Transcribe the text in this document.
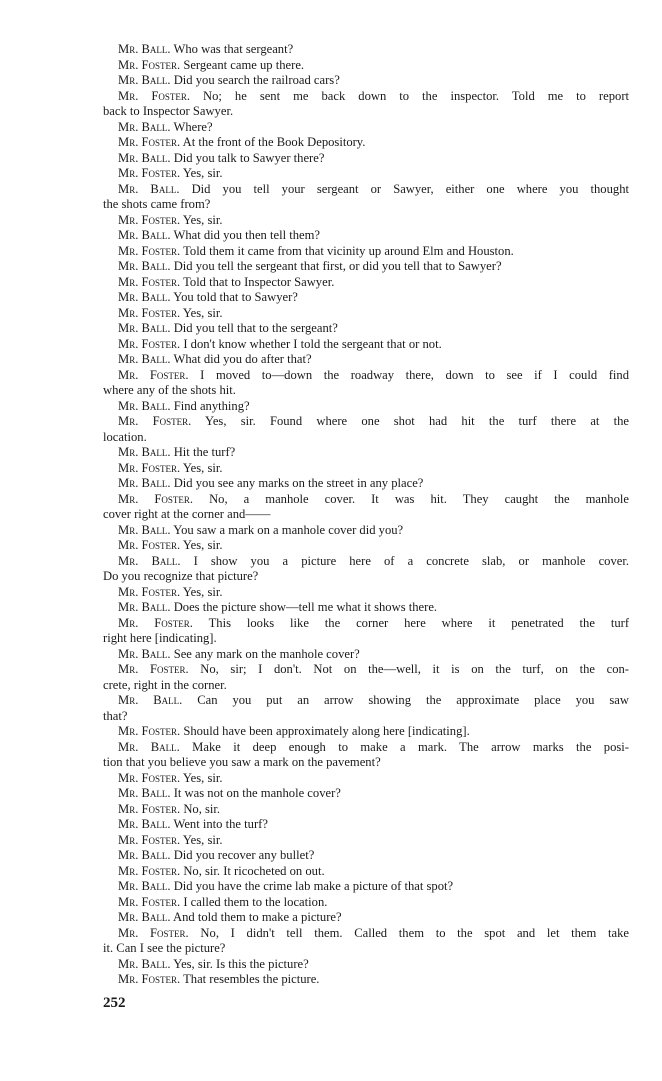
Mr. Ball. Who was that sergeant?
Mr. Foster. Sergeant came up there.
Mr. Ball. Did you search the railroad cars?
Mr. Foster. No; he sent me back down to the inspector. Told me to report
back to Inspector Sawyer.
Mr. Ball. Where?
Mr. Foster. At the front of the Book Depository.
Mr. Ball. Did you talk to Sawyer there?
Mr. Foster. Yes, sir.
Mr. Ball. Did you tell your sergeant or Sawyer, either one where you thought
the shots came from?
Mr. Foster. Yes, sir.
Mr. Ball. What did you then tell them?
Mr. Foster. Told them it came from that vicinity up around Elm and Houston.
Mr. Ball. Did you tell the sergeant that first, or did you tell that to Sawyer?
Mr. Foster. Told that to Inspector Sawyer.
Mr. Ball. You told that to Sawyer?
Mr. Foster. Yes, sir.
Mr. Ball. Did you tell that to the sergeant?
Mr. Foster. I don't know whether I told the sergeant that or not.
Mr. Ball. What did you do after that?
Mr. Foster. I moved to—down the roadway there, down to see if I could find
where any of the shots hit.
Mr. Ball. Find anything?
Mr. Foster. Yes, sir. Found where one shot had hit the turf there at the
location.
Mr. Ball. Hit the turf?
Mr. Foster. Yes, sir.
Mr. Ball. Did you see any marks on the street in any place?
Mr. Foster. No, a manhole cover. It was hit. They caught the manhole
cover right at the corner and——
Mr. Ball. You saw a mark on a manhole cover did you?
Mr. Foster. Yes, sir.
Mr. Ball. I show you a picture here of a concrete slab, or manhole cover.
Do you recognize that picture?
Mr. Foster. Yes, sir.
Mr. Ball. Does the picture show—tell me what it shows there.
Mr. Foster. This looks like the corner here where it penetrated the turf
right here [indicating].
Mr. Ball. See any mark on the manhole cover?
Mr. Foster. No, sir; I don't. Not on the—well, it is on the turf, on the con-
crete, right in the corner.
Mr. Ball. Can you put an arrow showing the approximate place you saw
that?
Mr. Foster. Should have been approximately along here [indicating].
Mr. Ball. Make it deep enough to make a mark. The arrow marks the posi-
tion that you believe you saw a mark on the pavement?
Mr. Foster. Yes, sir.
Mr. Ball. It was not on the manhole cover?
Mr. Foster. No, sir.
Mr. Ball. Went into the turf?
Mr. Foster. Yes, sir.
Mr. Ball. Did you recover any bullet?
Mr. Foster. No, sir. It ricocheted on out.
Mr. Ball. Did you have the crime lab make a picture of that spot?
Mr. Foster. I called them to the location.
Mr. Ball. And told them to make a picture?
Mr. Foster. No, I didn't tell them. Called them to the spot and let them take
it. Can I see the picture?
Mr. Ball. Yes, sir. Is this the picture?
Mr. Foster. That resembles the picture.
252
